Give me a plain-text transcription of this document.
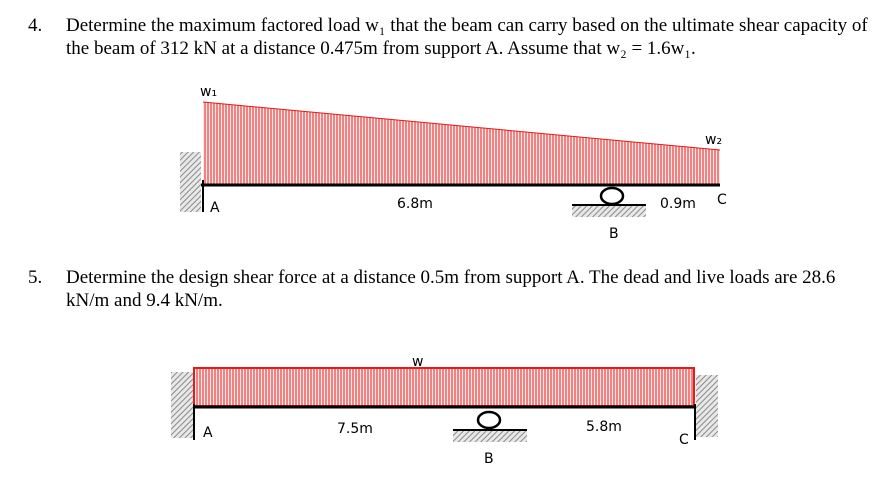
4. Determine the maximum factored load w₁ that the beam can carry based on the ultimate shear capacity of the beam of 312 kN at a distance 0.475m from support A. Assume that w₂ = 1.6w₁.
5. Determine the design shear force at a distance 0.5m from support A. The dead and live loads are 28.6 kN/m and 9.4 kN/m.
w₁
w₂
A	6.8m	0.9m C
B
w
A	7.5m	5.8m
C
B
